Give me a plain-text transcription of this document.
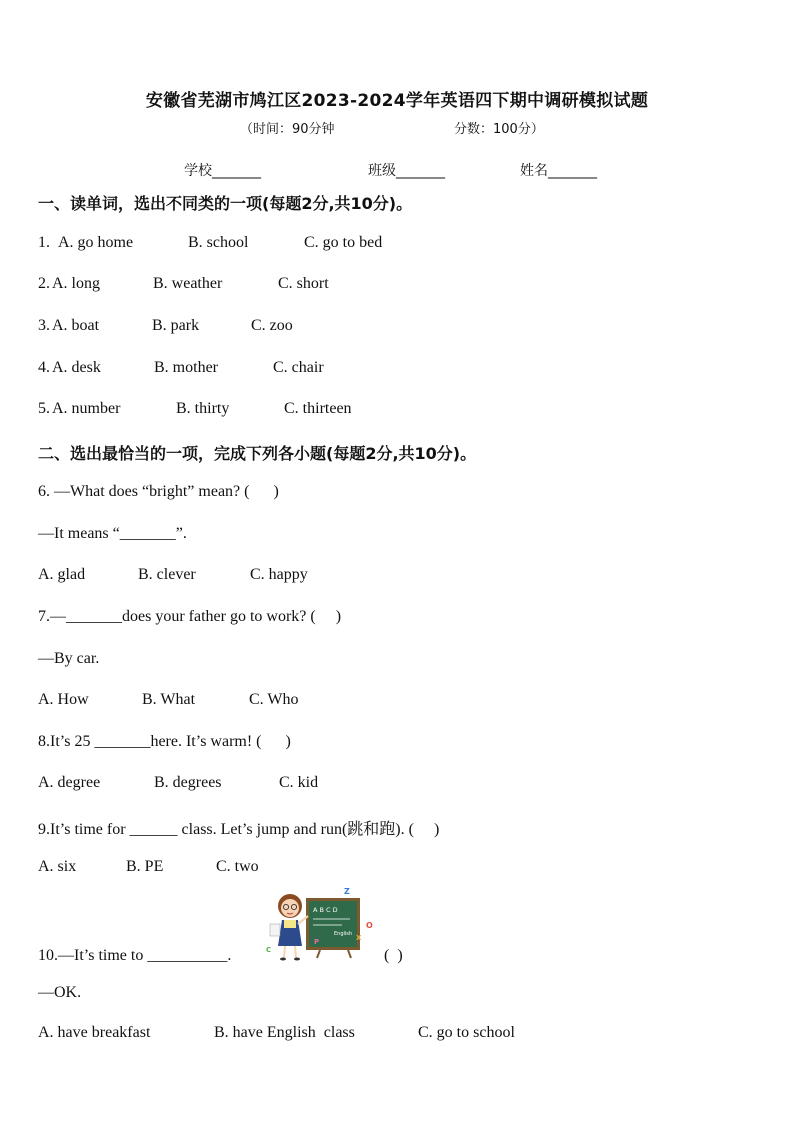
安徽省芜湖市鸠江区2023-2024学年英语四下期中调研模拟试题
（时间：90分钟	分数：100分）
学校_______	班级_______	姓名_______
一、读单词，选出不同类的一项(每题2分,共10分)。
1. A. go home	B. school	C. go to bed
2. A. long	B. weather	C. short
3. A. boat	B. park	C. zoo
4. A. desk	B. mother	C. chair
5. A. number	B. thirty	C. thirteen
二、选出最恰当的一项，完成下列各小题(每题2分,共10分)。
6. —What does “bright” mean? (      )
—It means “_______”.
A. glad	B. clever	C. happy
7.—_______does your father go to work? (     )
—By car.
A. How	B. What	C. Who
8.It’s 25 _______here. It’s warm! (      )
A. degree	B. degrees	C. kid
9.It’s time for ______ class. Let’s jump and run(跳和跑). (     )
A. six	B. PE	C. two
A B C D
English
Z
O
X
P
C
10.—It’s time to __________.	(  )
—OK.
A. have breakfast	B. have English  class	C. go to school
